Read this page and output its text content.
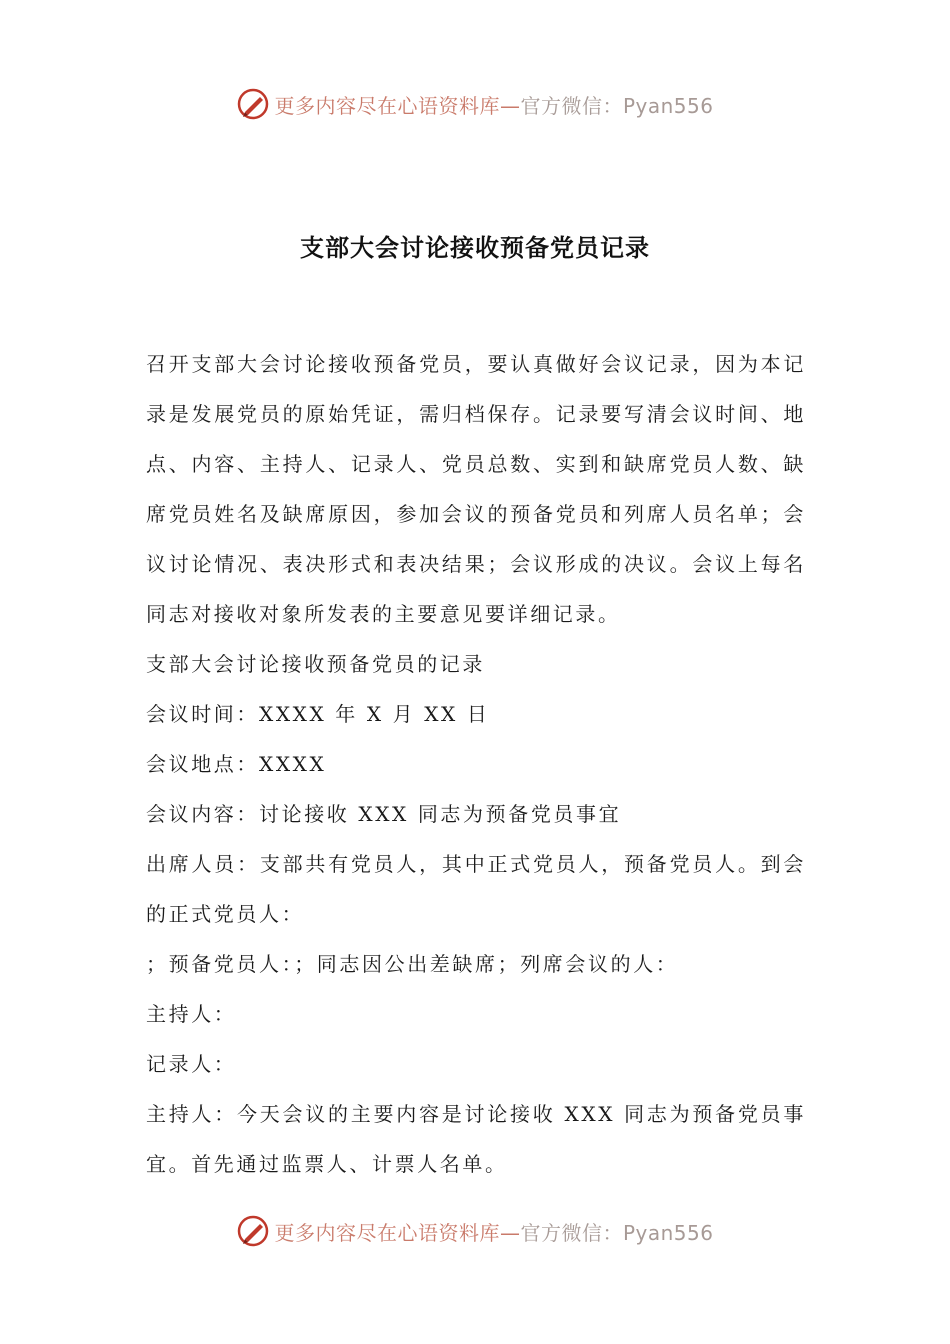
更多内容尽在心语资料库—官方微信：Pyan556
支部大会讨论接收预备党员记录

召开支部大会讨论接收预备党员，要认真做好会议记录，因为本记录是发展党员的原始凭证，需归档保存。记录要写清会议时间、地点、内容、主持人、记录人、党员总数、实到和缺席党员人数、缺席党员姓名及缺席原因，参加会议的预备党员和列席人员名单；会议讨论情况、表决形式和表决结果；会议形成的决议。会议上每名同志对接收对象所发表的主要意见要详细记录。

支部大会讨论接收预备党员的记录

会议时间：XXXX 年 X 月 XX 日

会议地点：XXXX

会议内容：讨论接收 XXX 同志为预备党员事宜

出席人员：支部共有党员人，其中正式党员人，预备党员人。到会的正式党员人：

；预备党员人：；同志因公出差缺席；列席会议的人：

主持人：

记录人：

主持人：今天会议的主要内容是讨论接收 XXX 同志为预备党员事宜。首先通过监票人、计票人名单。

更多内容尽在心语资料库—官方微信：Pyan556
